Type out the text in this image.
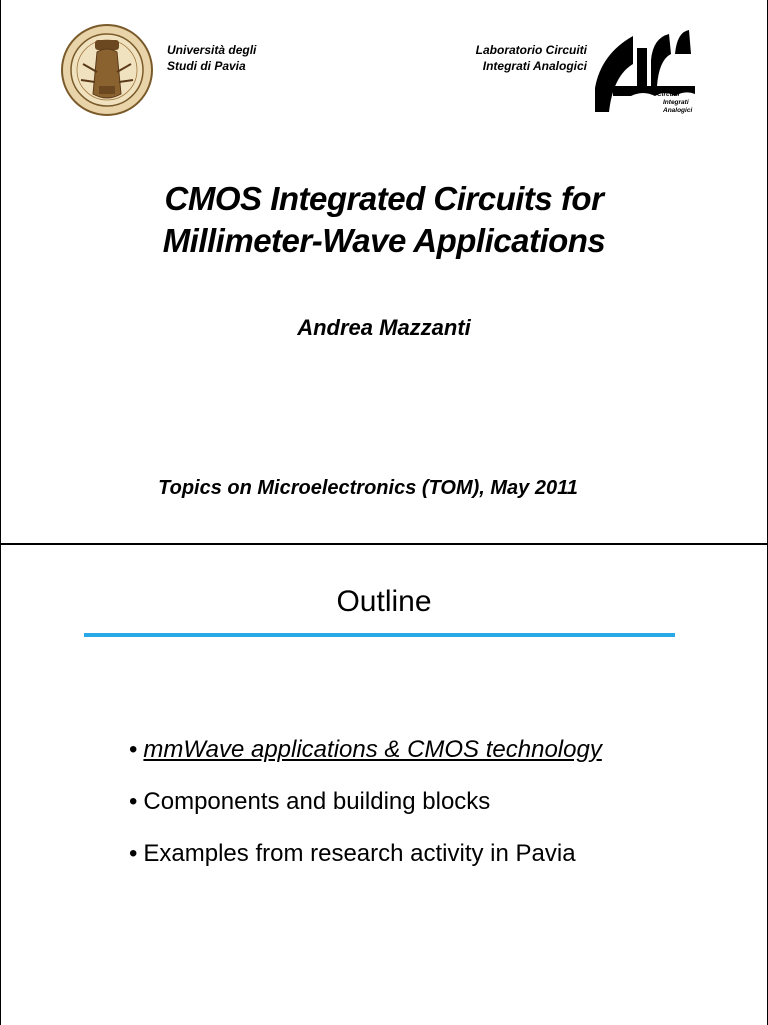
Università degli
Studi di Pavia
Laboratorio Circuiti
Integrati Analogici
Circuiti
Integrati
Analogici
CMOS Integrated Circuits for
Millimeter-Wave Applications
Andrea Mazzanti
Topics on Microelectronics (TOM), May 2011
Outline
• mmWave applications & CMOS technology
• Components and building blocks
• Examples from research activity in Pavia
